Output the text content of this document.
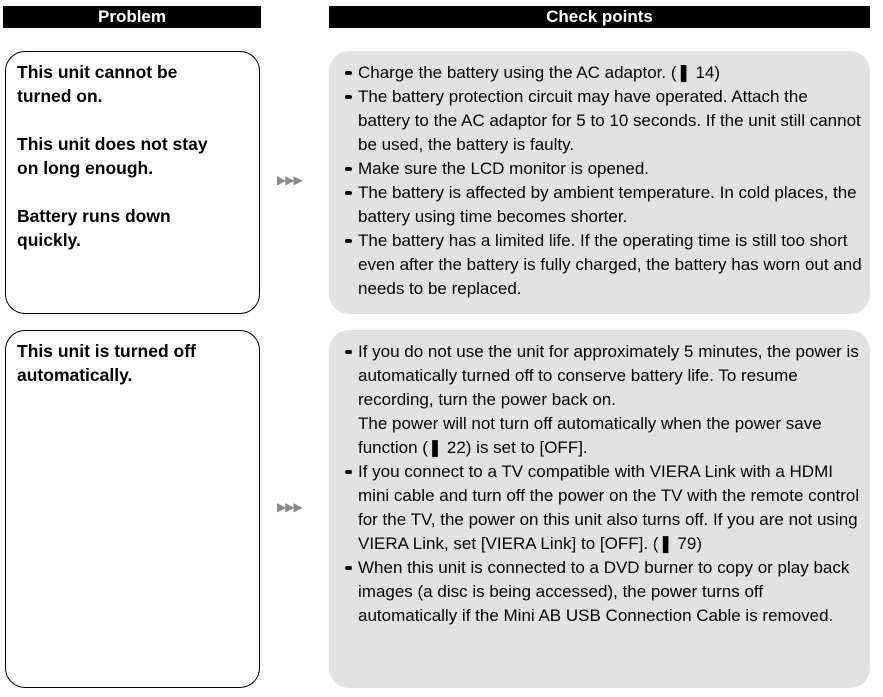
Problem	Check points
This unit cannot be
turned on.
This unit does not stay
on long enough.
Battery runs down
quickly.
▶▶▶
Charge the battery using the AC adaptor. (❚ 14)
The battery protection circuit may have operated. Attach the battery to the AC adaptor for 5 to 10 seconds. If the unit still cannot be used, the battery is faulty.
Make sure the LCD monitor is opened.
The battery is affected by ambient temperature. In cold places, the battery using time becomes shorter.
The battery has a limited life. If the operating time is still too short even after the battery is fully charged, the battery has worn out and needs to be replaced.
This unit is turned off
automatically.
▶▶▶
If you do not use the unit for approximately 5 minutes, the power is automatically turned off to conserve battery life. To resume recording, turn the power back on.
The power will not turn off automatically when the power save function (❚ 22) is set to [OFF].
If you connect to a TV compatible with VIERA Link with a HDMI mini cable and turn off the power on the TV with the remote control for the TV, the power on this unit also turns off. If you are not using VIERA Link, set [VIERA Link] to [OFF]. (❚ 79)
When this unit is connected to a DVD burner to copy or play back images (a disc is being accessed), the power turns off automatically if the Mini AB USB Connection Cable is removed.
